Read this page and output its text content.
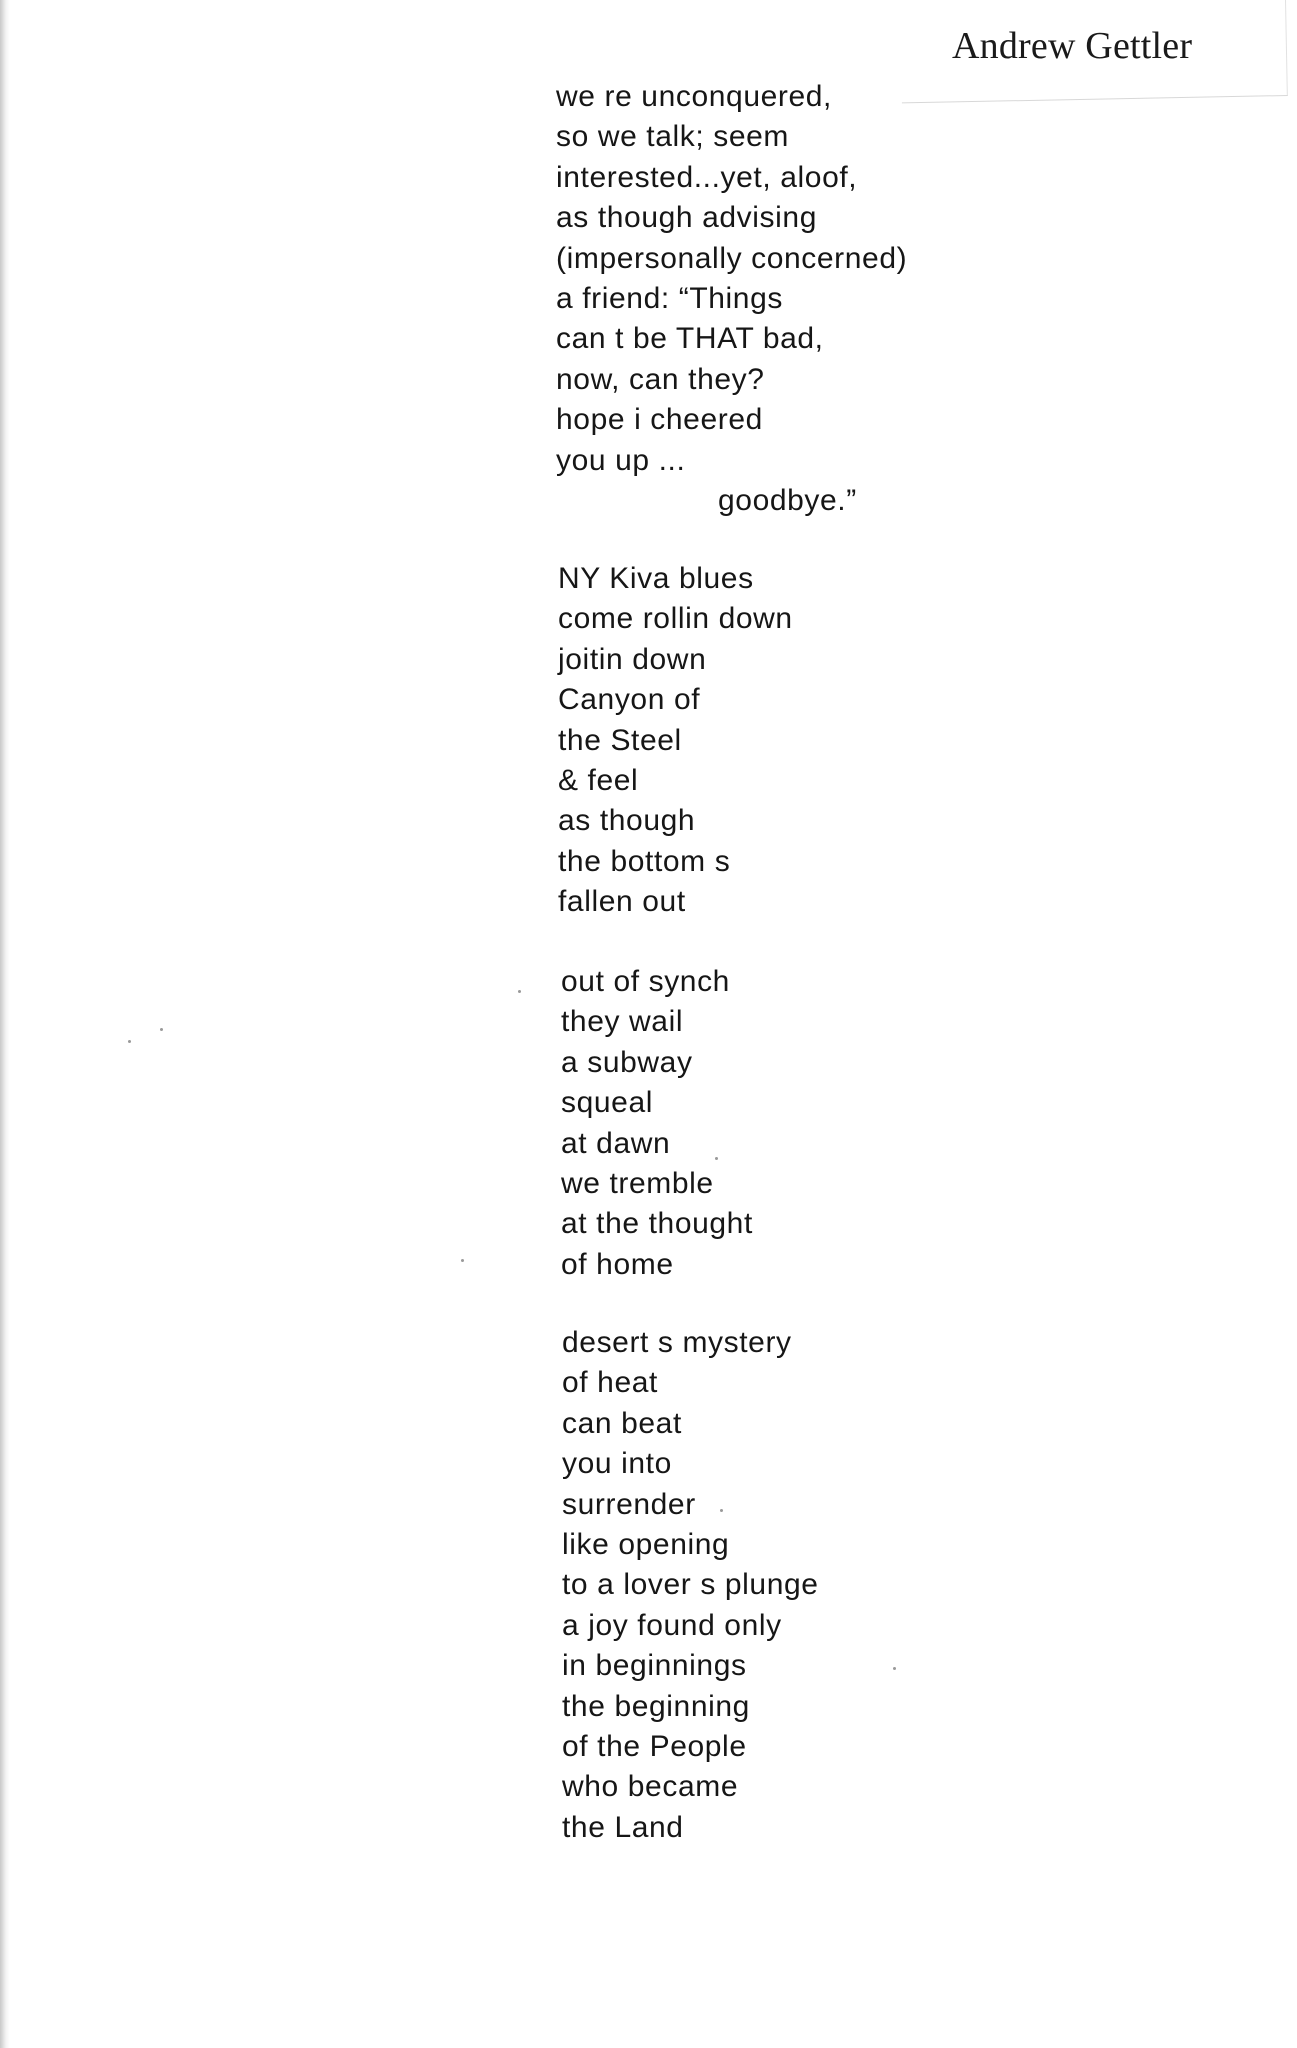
Andrew Gettler
we re unconquered,
so we talk; seem
interested...yet, aloof,
as though advising
(impersonally concerned)
a friend: “Things
can t be THAT bad,
now, can they?
hope i cheered
you up ...
goodbye.”
NY Kiva blues
come rollin down
joitin down
Canyon of
the Steel
& feel
as though
the bottom s
fallen out
out of synch
they wail
a subway
squeal
at dawn
we tremble
at the thought
of home
desert s mystery
of heat
can beat
you into
surrender
like opening
to a lover s plunge
a joy found only
in beginnings
the beginning
of the People
who became
the Land
